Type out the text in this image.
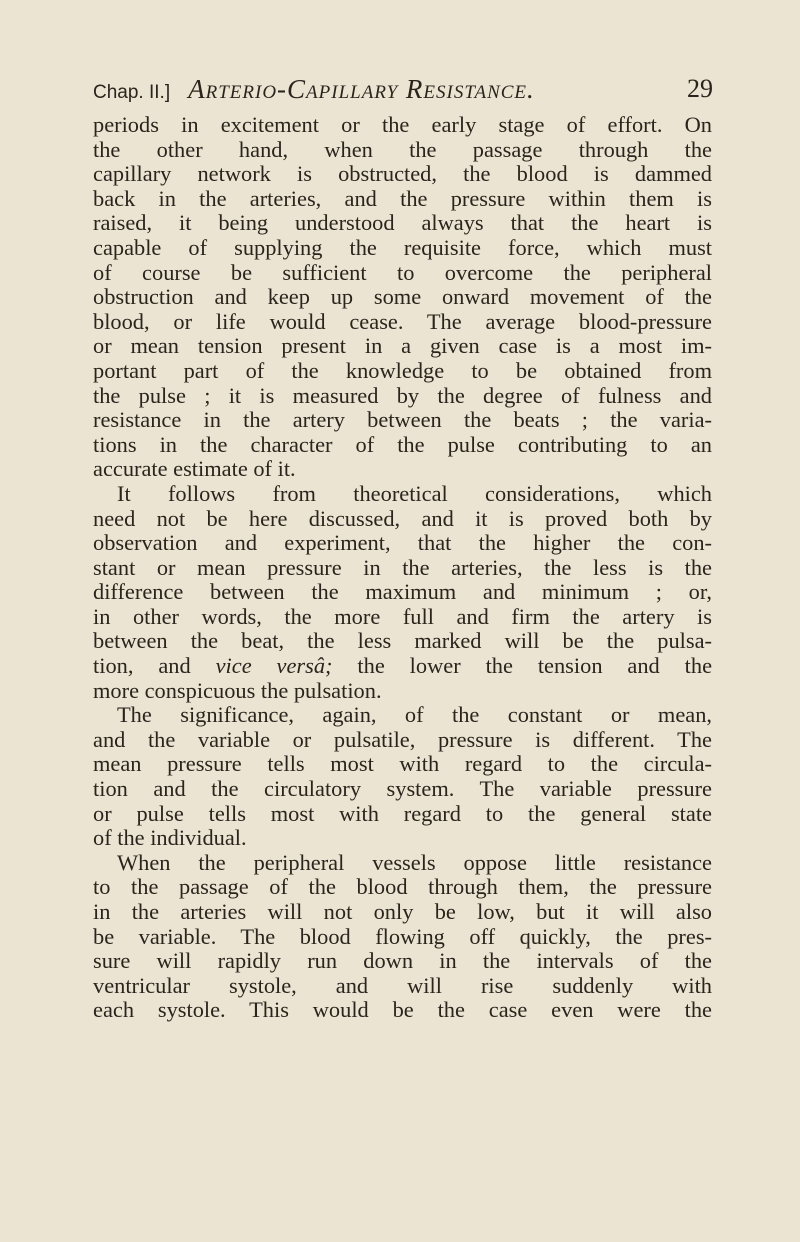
Chap. II.] Arterio-Capillary Resistance.	29
periods in excitement or the early stage of effort. On
the other hand, when the passage through the
capillary network is obstructed, the blood is dammed
back in the arteries, and the pressure within them is
raised, it being understood always that the heart is
capable of supplying the requisite force, which must
of course be sufficient to overcome the peripheral
obstruction and keep up some onward movement of the
blood, or life would cease. The average blood-pressure
or mean tension present in a given case is a most im-
portant part of the knowledge to be obtained from
the pulse ; it is measured by the degree of fulness and
resistance in the artery between the beats ; the varia-
tions in the character of the pulse contributing to an
accurate estimate of it.
It follows from theoretical considerations, which
need not be here discussed, and it is proved both by
observation and experiment, that the higher the con-
stant or mean pressure in the arteries, the less is the
difference between the maximum and minimum ; or,
in other words, the more full and firm the artery is
between the beat, the less marked will be the pulsa-
tion, and vice versâ; the lower the tension and the
more conspicuous the pulsation.
The significance, again, of the constant or mean,
and the variable or pulsatile, pressure is different. The
mean pressure tells most with regard to the circula-
tion and the circulatory system. The variable pressure
or pulse tells most with regard to the general state
of the individual.
When the peripheral vessels oppose little resistance
to the passage of the blood through them, the pressure
in the arteries will not only be low, but it will also
be variable. The blood flowing off quickly, the pres-
sure will rapidly run down in the intervals of the
ventricular systole, and will rise suddenly with
each systole. This would be the case even were the
